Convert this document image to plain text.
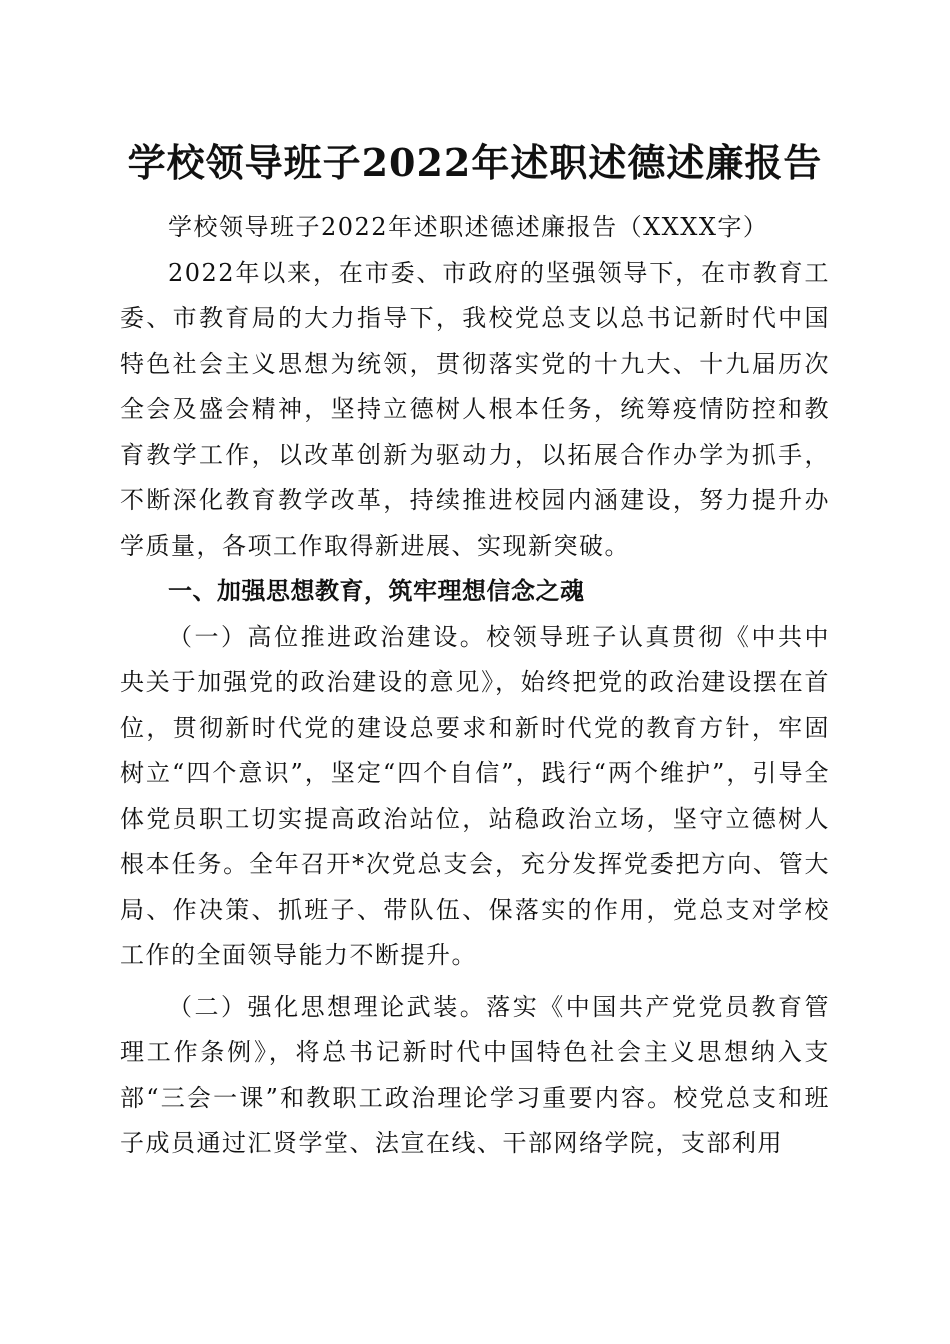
学校领导班子2022年述职述德述廉报告

学校领导班子2022年述职述德述廉报告（XXXX字）

2022年以来，在市委、市政府的坚强领导下，在市教育工委、市教育局的大力指导下，我校党总支以总书记新时代中国特色社会主义思想为统领，贯彻落实党的十九大、十九届历次全会及盛会精神，坚持立德树人根本任务，统筹疫情防控和教育教学工作，以改革创新为驱动力，以拓展合作办学为抓手，不断深化教育教学改革，持续推进校园内涵建设，努力提升办学质量，各项工作取得新进展、实现新突破。

一、加强思想教育，筑牢理想信念之魂

（一）高位推进政治建设。校领导班子认真贯彻《中共中央关于加强党的政治建设的意见》，始终把党的政治建设摆在首位，贯彻新时代党的建设总要求和新时代党的教育方针，牢固树立“四个意识”，坚定“四个自信”，践行“两个维护”，引导全体党员职工切实提高政治站位，站稳政治立场，坚守立德树人根本任务。全年召开*次党总支会，充分发挥党委把方向、管大局、作决策、抓班子、带队伍、保落实的作用，党总支对学校工作的全面领导能力不断提升。

（二）强化思想理论武装。落实《中国共产党党员教育管理工作条例》，将总书记新时代中国特色社会主义思想纳入支部“三会一课”和教职工政治理论学习重要内容。校党总支和班子成员通过汇贤学堂、法宣在线、干部网络学院，支部利用
